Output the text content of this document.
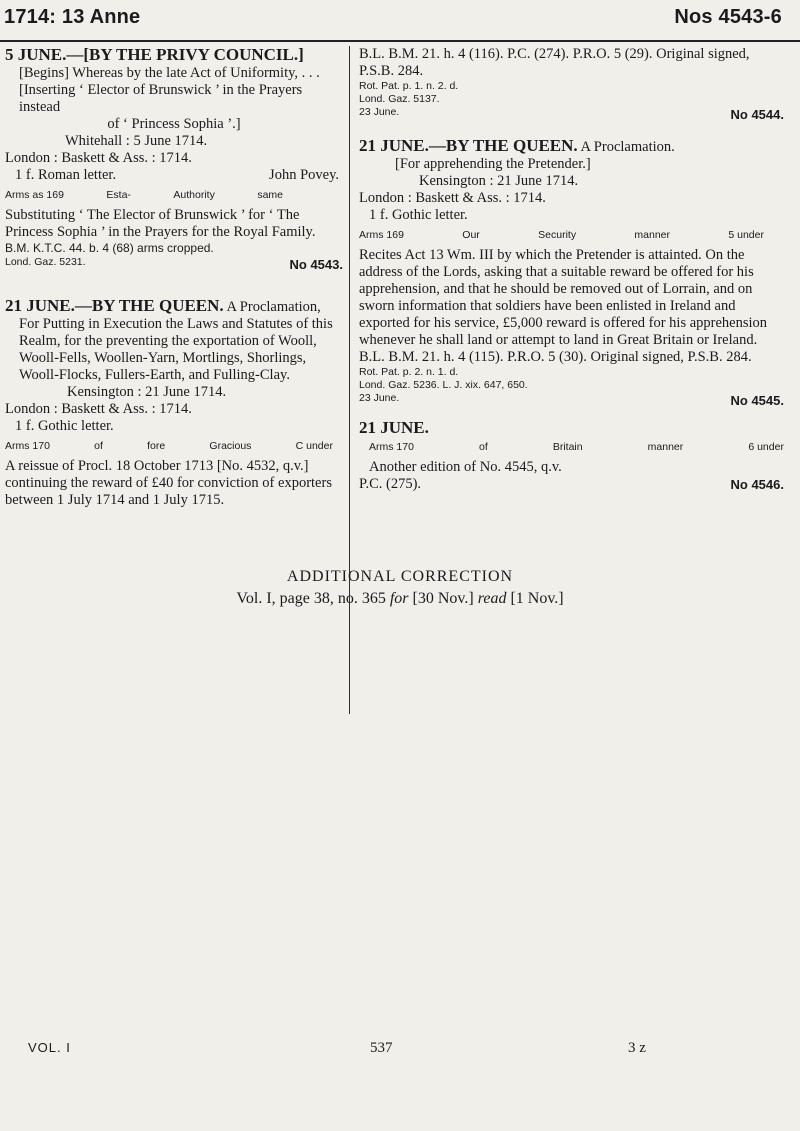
1714: 13 Anne	Nos 4543-6

5 JUNE.—[BY THE PRIVY COUNCIL.] [Begins] Whereas by the late Act of Uniformity, . . . [Inserting ‘ Elector of Brunswick ’ in the Prayers instead

of ‘ Princess Sophia ’.]

Whitehall : 5 June 1714.

London : Baskett & Ass. : 1714.

1 f. Roman letter.	John Povey.

Arms as 169	Esta-	Authority	same

Substituting ‘ The Elector of Brunswick ’ for ‘ The Princess Sophia ’ in the Prayers for the Royal Family.

B.M. K.T.C. 44. b. 4 (68) arms cropped.

Lond. Gaz. 5231.	No 4543.

21 JUNE.—BY THE QUEEN. A Proclamation, For Putting in Execution the Laws and Statutes of this Realm, for the preventing the exportation of Wooll, Wooll-Fells, Woollen-Yarn, Mortlings, Shorlings, Wooll-Flocks, Fullers-Earth, and Fulling-Clay.

Kensington : 21 June 1714.

London : Baskett & Ass. : 1714.

1 f. Gothic letter.

Arms 170	of	fore	Gracious	C under

A reissue of Procl. 18 October 1713 [No. 4532, q.v.] continuing the reward of £40 for conviction of exporters between 1 July 1714 and 1 July 1715.

B.L. B.M. 21. h. 4 (116). P.C. (274). P.R.O. 5 (29). Original signed, P.S.B. 284.

Rot. Pat. p. 1. n. 2. d.

Lond. Gaz. 5137.

23 June.	No 4544.

21 JUNE.—BY THE QUEEN. A Proclamation.

[For apprehending the Pretender.]

Kensington : 21 June 1714.

London : Baskett & Ass. : 1714.

1 f. Gothic letter.

Arms 169	Our	Security	manner	5 under

Recites Act 13 Wm. III by which the Pretender is attainted. On the address of the Lords, asking that a suitable reward be offered for his apprehension, and that he should be removed out of Lorrain, and on sworn information that soldiers have been enlisted in Ireland and exported for his service, £5,000 reward is offered for his apprehension whenever he shall land or attempt to land in Great Britain or Ireland.

B.L. B.M. 21. h. 4 (115). P.R.O. 5 (30). Original signed, P.S.B. 284.

Rot. Pat. p. 2. n. 1. d.

Lond. Gaz. 5236. L. J. xix. 647, 650.

23 June.	No 4545.

21 JUNE.

Arms 170	of	Britain	manner	6 under

Another edition of No. 4545, q.v.

P.C. (275).	No 4546.

ADDITIONAL CORRECTION
Vol. I, page 38, no. 365 for [30 Nov.] read [1 Nov.]
VOL. I	537	3 z
